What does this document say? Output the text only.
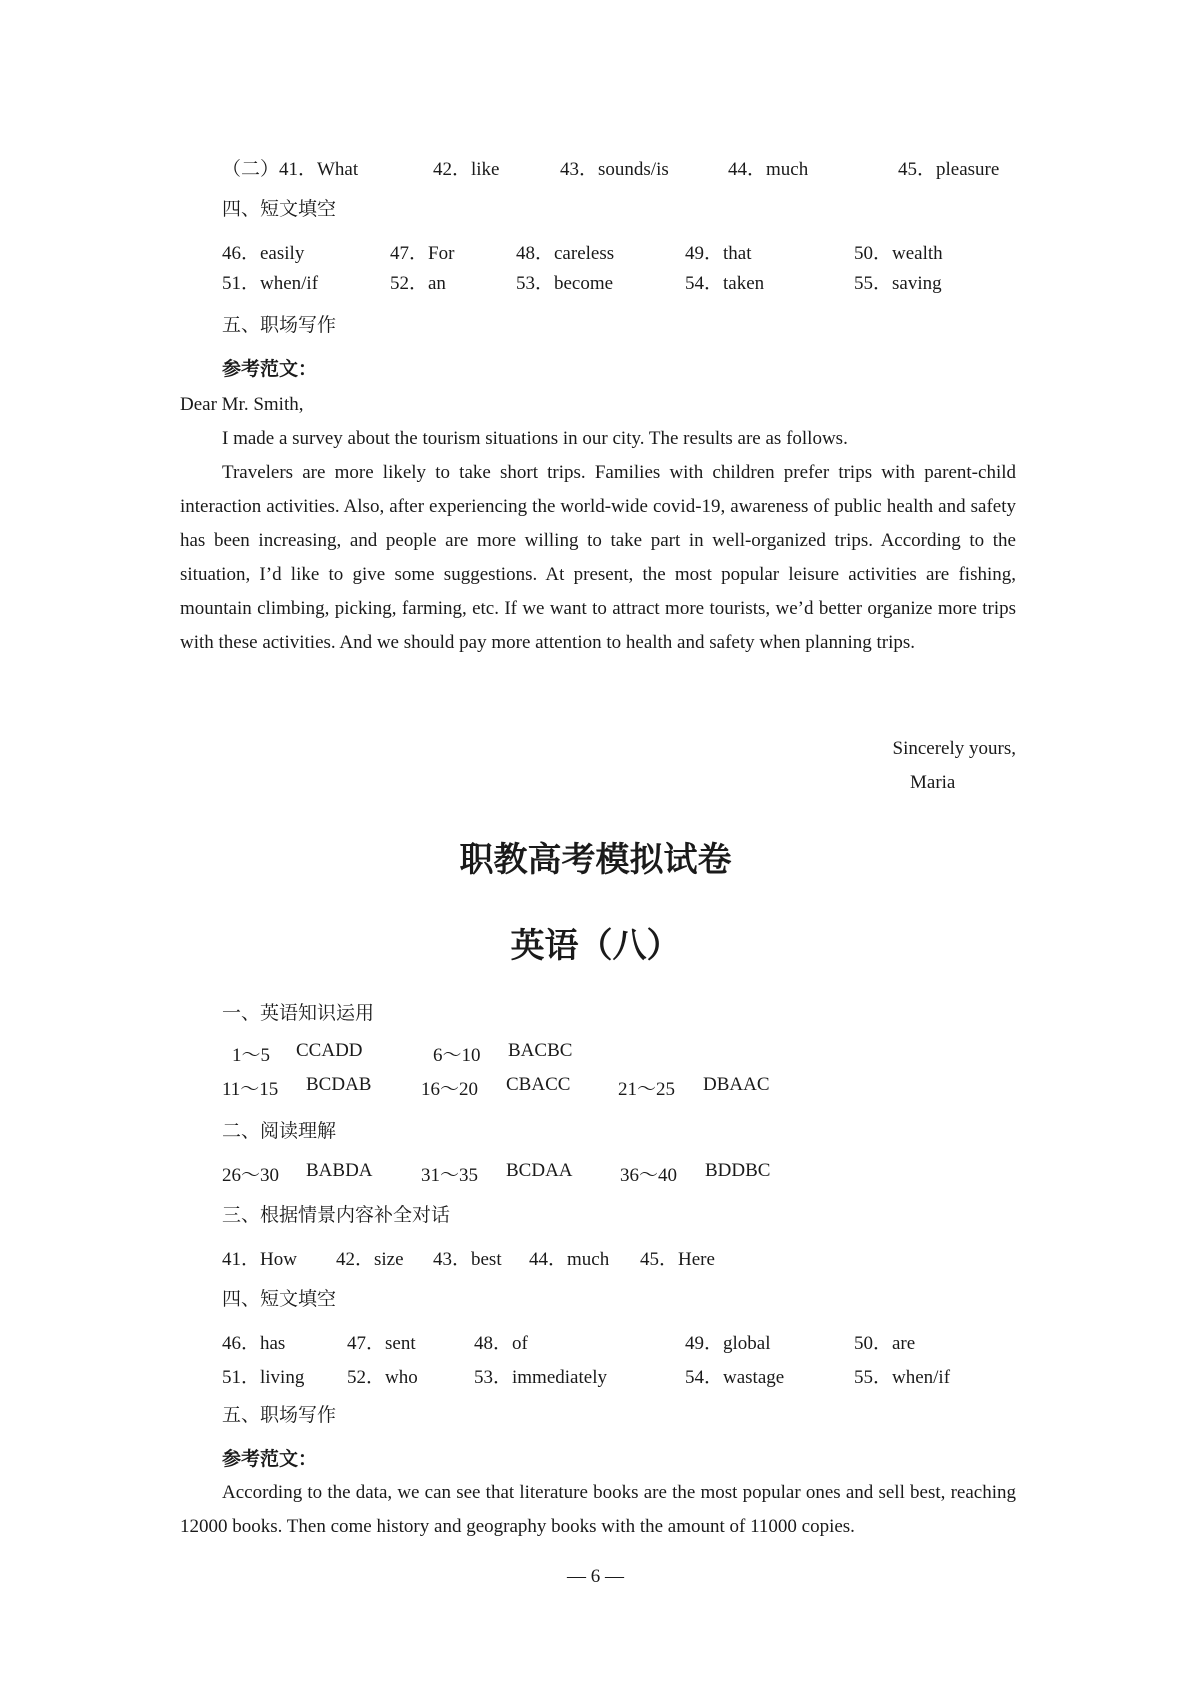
（二）41．What	42．like	43．sounds/is	44．much	45．pleasure
四、短文填空
46．easily	47．For	48．careless	49．that	50．wealth
51．when/if	52．an	53．become	54．taken	55．saving
五、职场写作
参考范文：
Dear Mr. Smith,

I made a survey about the tourism situations in our city. The results are as follows.

Travelers are more likely to take short trips. Families with children prefer trips with parent-child interaction activities. Also, after experiencing the world-wide covid-19, awareness of public health and safety has been increasing, and people are more willing to take part in well-organized trips. According to the situation, I’d like to give some suggestions. At present, the most popular leisure activities are fishing, mountain climbing, picking, farming, etc. If we want to attract more tourists, we’d better organize more trips with these activities. And we should pay more attention to health and safety when planning trips.

Sincerely yours,
Maria
职教高考模拟试卷
英语（八）
一、英语知识运用
1～5 CCADD	6～10 BACBC
11～15 BCDAB	16～20 CBACC	21～25 DBAAC
二、阅读理解
26～30 BABDA	31～35 BCDAA 36～40 BDDBC
三、根据情景内容补全对话
41．How 42．size 43．best 44．much 45．Here
四、短文填空
46．has	47．sent	48．of	49．global	50．are
51．living 52．who	53．immediately	54．wastage	55．when/if
五、职场写作
参考范文：

According to the data, we can see that literature books are the most popular ones and sell best, reaching 12000 books. Then come history and geography books with the amount of 11000 copies.

— 6 —
